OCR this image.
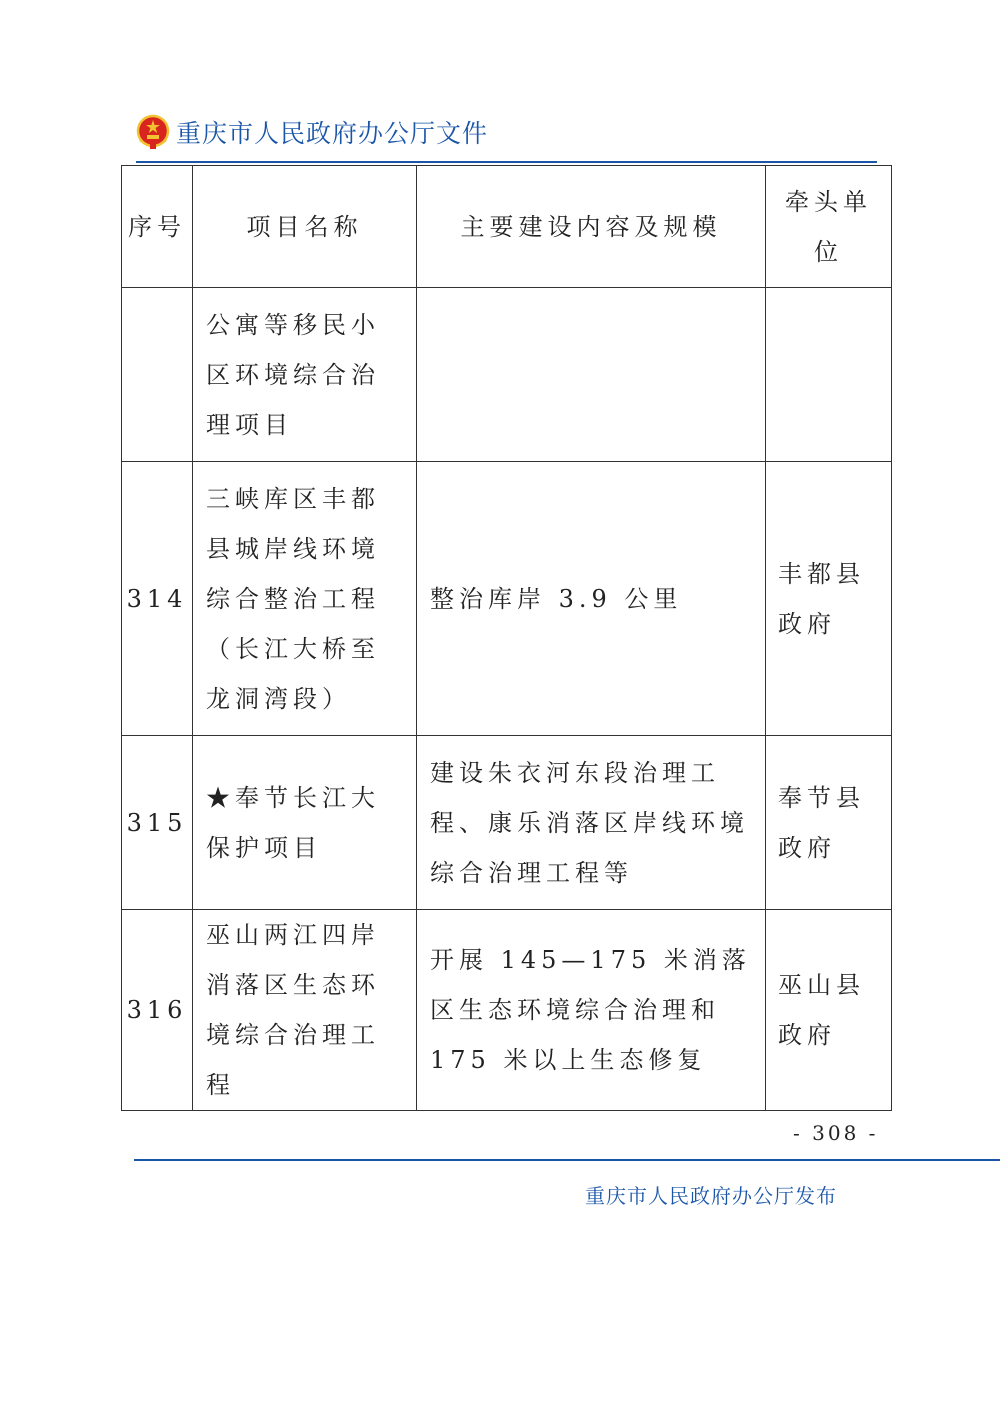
重庆市人民政府办公厅文件
序号	项目名称	主要建设内容及规模	牵头单位

	公寓等移民小区环境综合治理项目		

314	三峡库区丰都县城岸线环境综合整治工程（长江大桥至龙洞湾段）	整治库岸 3.9 公里	丰都县政府

315	★奉节长江大保护项目	建设朱衣河东段治理工程、康乐消落区岸线环境综合治理工程等	奉节县政府

316	巫山两江四岸消落区生态环境综合治理工程	开展 145—175 米消落区生态环境综合治理和 175 米以上生态修复	巫山县政府
- 308 -
重庆市人民政府办公厅发布
